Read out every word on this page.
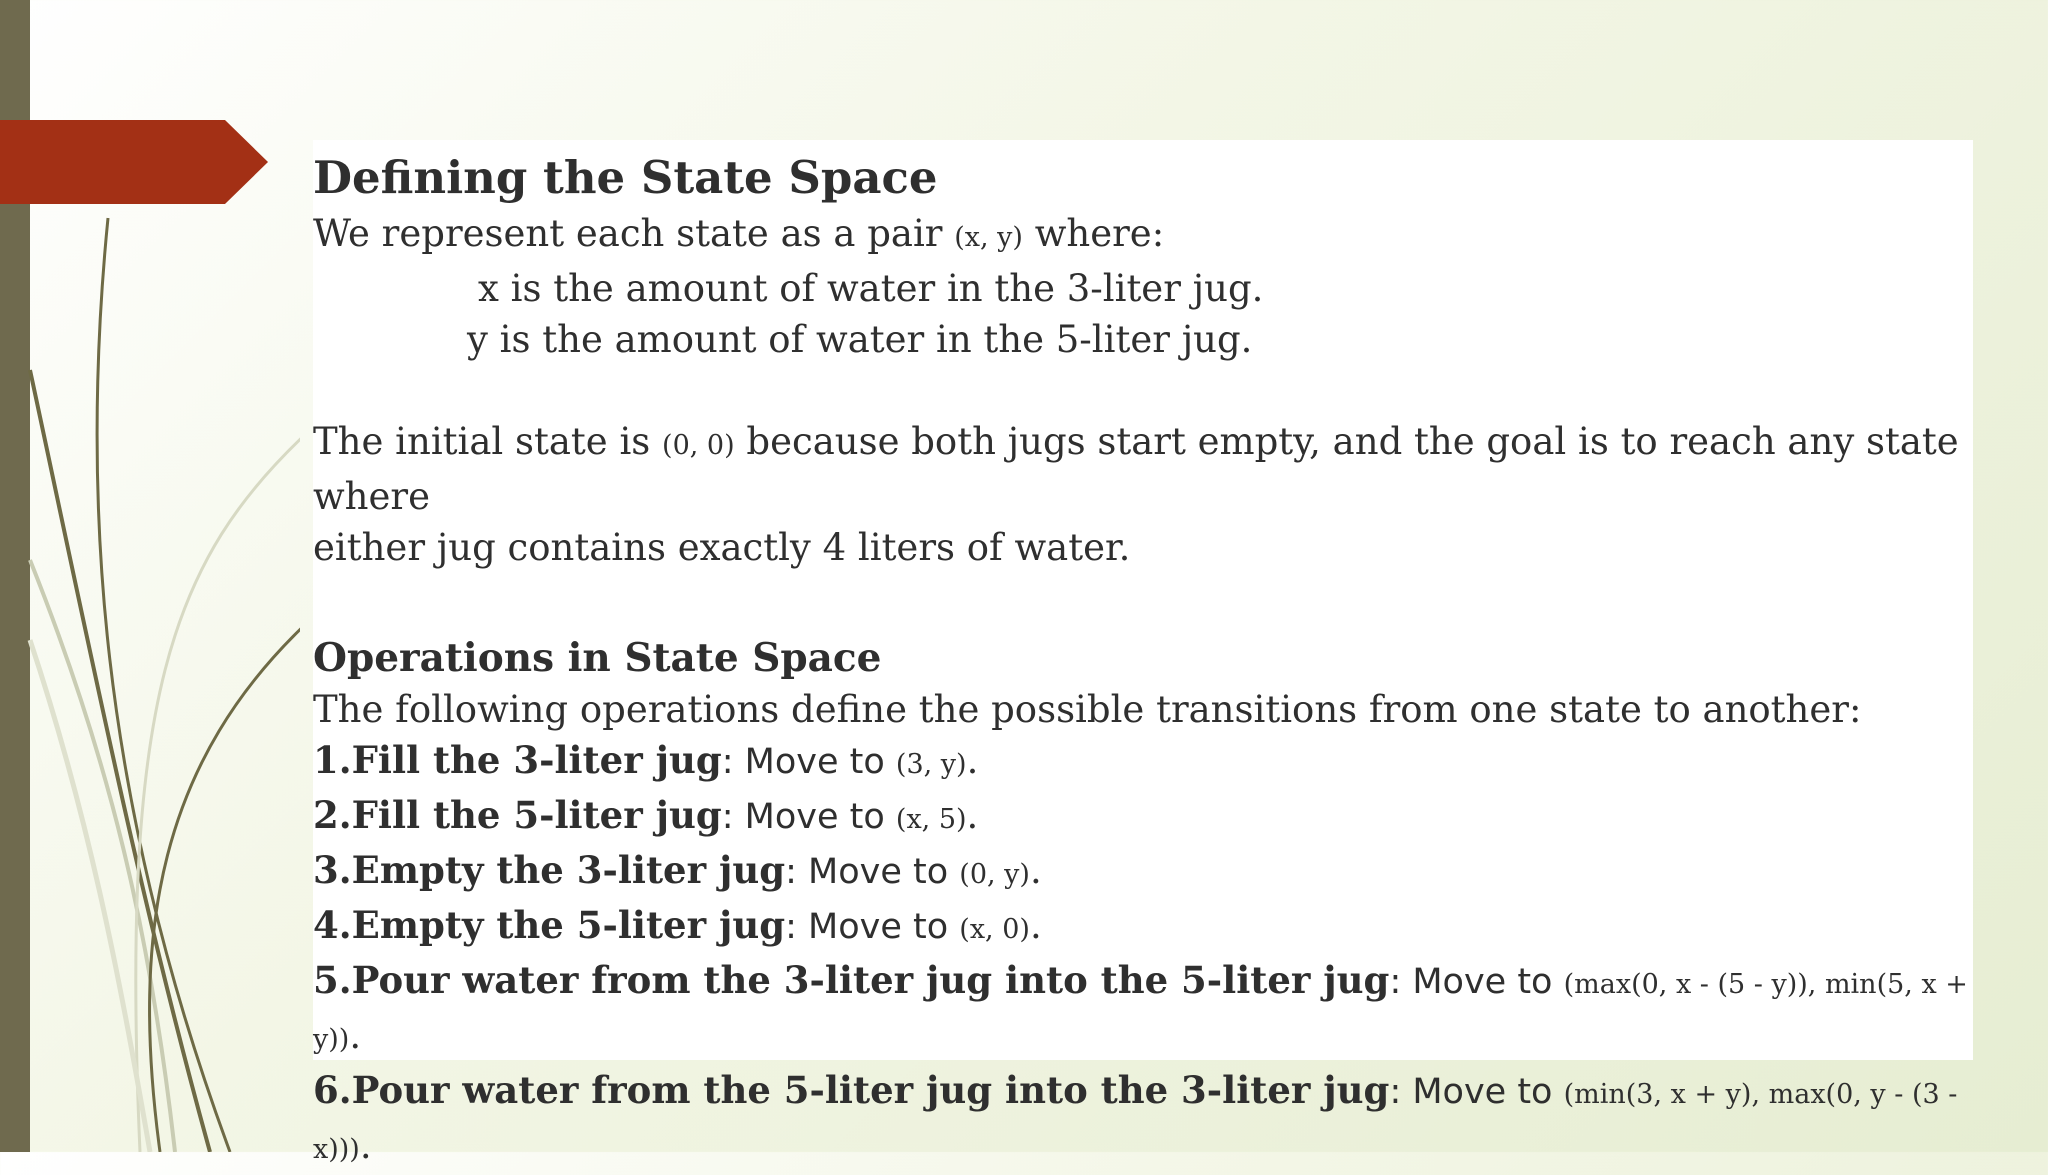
Defining the State Space
We represent each state as a pair (x, y) where:
x is the amount of water in the 3-liter jug.
y is the amount of water in the 5-liter jug.
The initial state is (0, 0) because both jugs start empty, and the goal is to reach any state where
either jug contains exactly 4 liters of water.
Operations in State Space
The following operations define the possible transitions from one state to another:
1.Fill the 3-liter jug: Move to (3, y).
2.Fill the 5-liter jug: Move to (x, 5).
3.Empty the 3-liter jug: Move to (0, y).
4.Empty the 5-liter jug: Move to (x, 0).
5.Pour water from the 3-liter jug into the 5-liter jug: Move to (max(0, x - (5 - y)), min(5, x + y)).
6.Pour water from the 5-liter jug into the 3-liter jug: Move to (min(3, x + y), max(0, y - (3 - x))).
